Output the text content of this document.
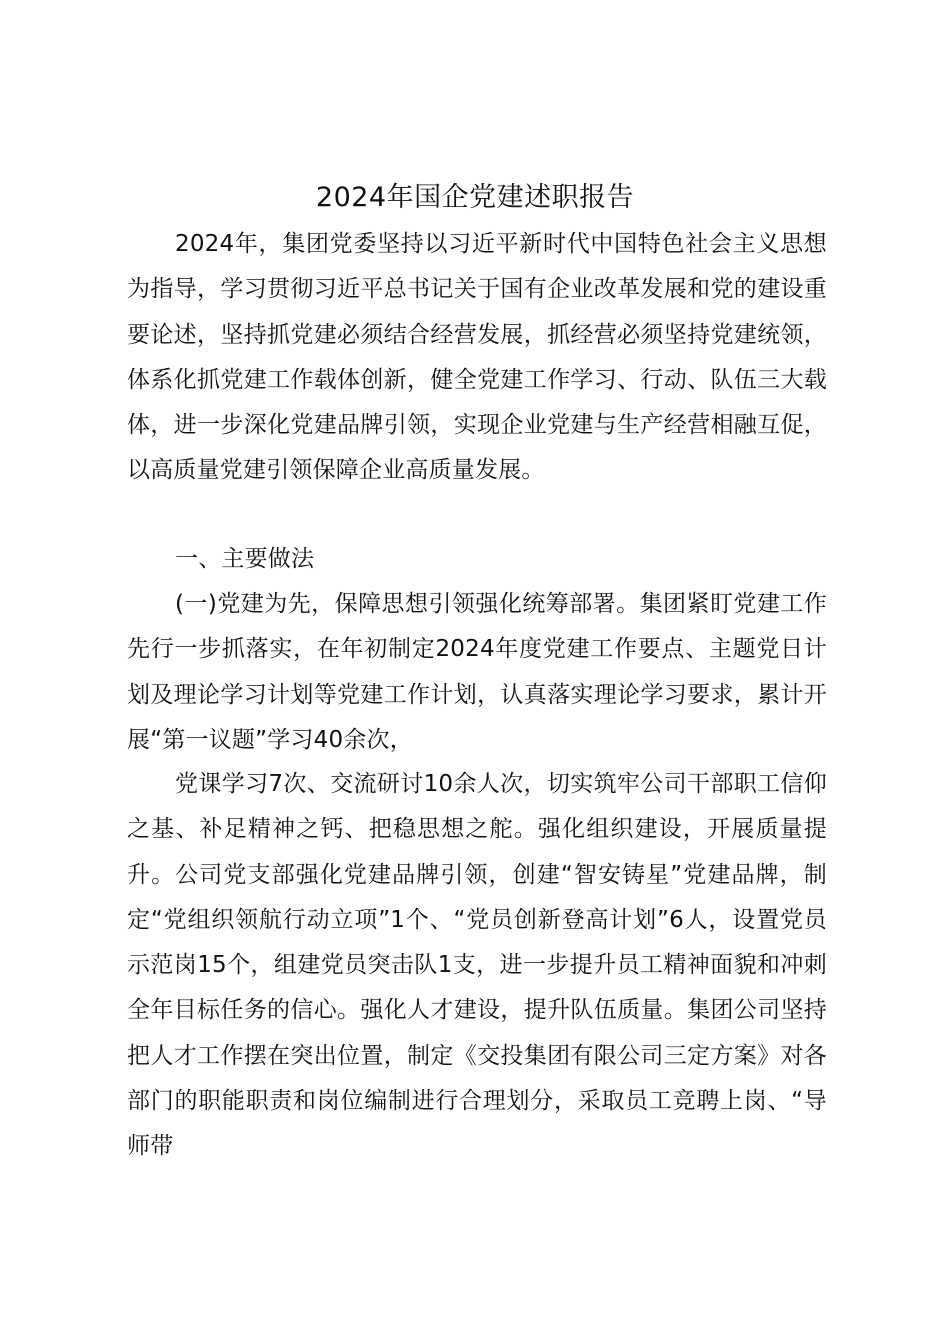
2024年国企党建述职报告

2024年，集团党委坚持以习近平新时代中国特色社会主义思想为指导，学习贯彻习近平总书记关于国有企业改革发展和党的建设重要论述，坚持抓党建必须结合经营发展，抓经营必须坚持党建统领，体系化抓党建工作载体创新，健全党建工作学习、行动、队伍三大载体，进一步深化党建品牌引领，实现企业党建与生产经营相融互促，以高质量党建引领保障企业高质量发展。

一、主要做法

(一)党建为先，保障思想引领强化统筹部署。集团紧盯党建工作先行一步抓落实，在年初制定2024年度党建工作要点、主题党日计划及理论学习计划等党建工作计划，认真落实理论学习要求，累计开展“第一议题”学习40余次，

党课学习7次、交流研讨10余人次，切实筑牢公司干部职工信仰之基、补足精神之钙、把稳思想之舵。强化组织建设，开展质量提升。公司党支部强化党建品牌引领，创建“智安铸星”党建品牌，制定“党组织领航行动立项”1个、“党员创新登高计划”6人，设置党员示范岗15个，组建党员突击队1支，进一步提升员工精神面貌和冲刺全年目标任务的信心。强化人才建设，提升队伍质量。集团公司坚持把人才工作摆在突出位置，制定《交投集团有限公司三定方案》对各部门的职能职责和岗位编制进行合理划分，采取员工竞聘上岗、“导师带
